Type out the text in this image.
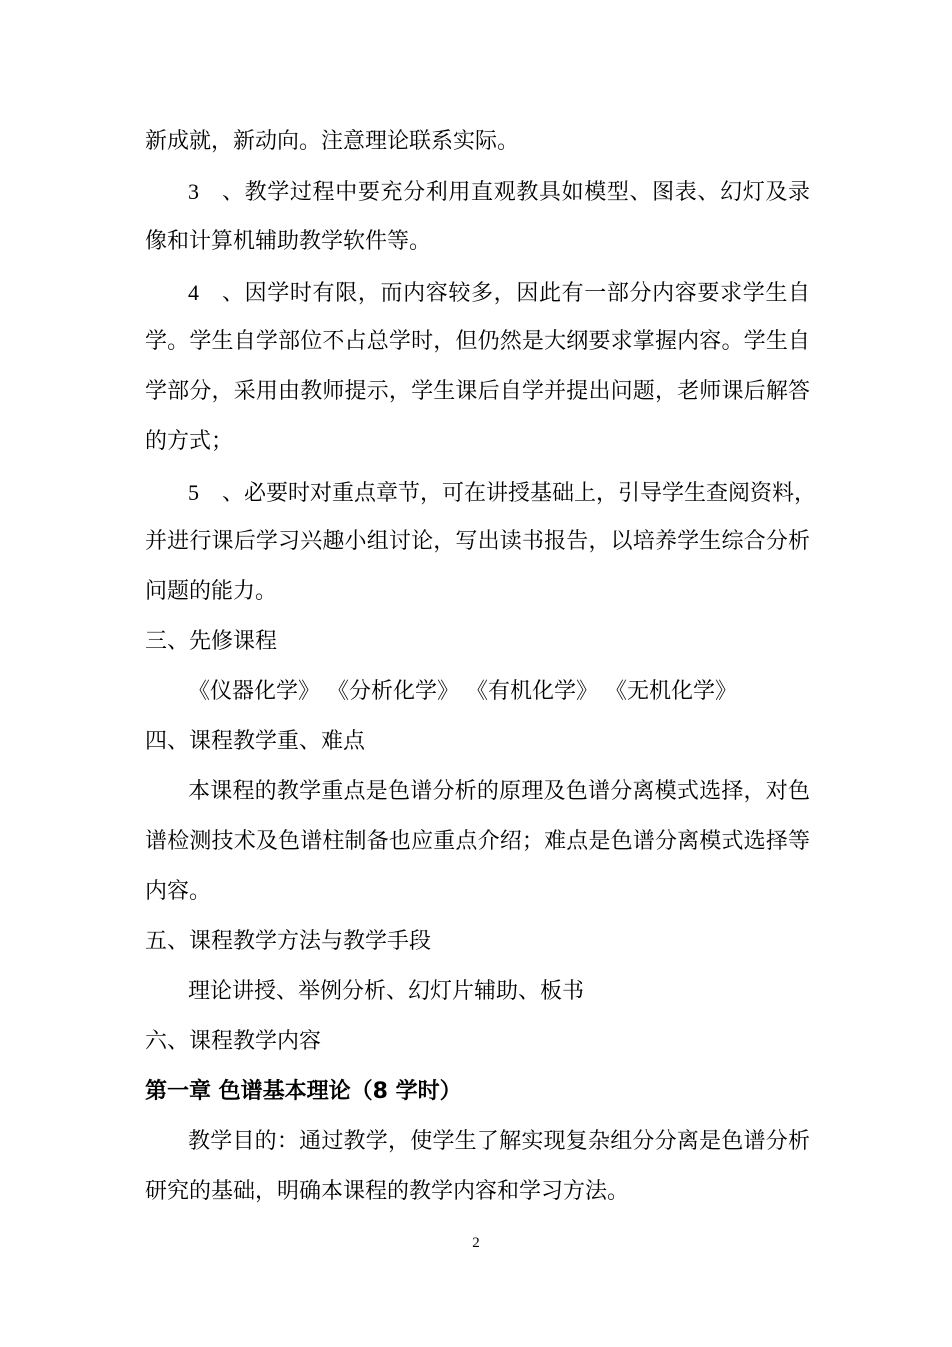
新成就，新动向。注意理论联系实际。
3、教学过程中要充分利用直观教具如模型、图表、幻灯及录
像和计算机辅助教学软件等。
4、因学时有限，而内容较多，因此有一部分内容要求学生自
学。学生自学部位不占总学时，但仍然是大纲要求掌握内容。学生自
学部分，采用由教师提示，学生课后自学并提出问题，老师课后解答
的方式；
5、必要时对重点章节，可在讲授基础上，引导学生查阅资料，
并进行课后学习兴趣小组讨论，写出读书报告，以培养学生综合分析
问题的能力。
三、先修课程
《仪器化学》 《分析化学》 《有机化学》 《无机化学》
四、课程教学重、难点
本课程的教学重点是色谱分析的原理及色谱分离模式选择，对色
谱检测技术及色谱柱制备也应重点介绍；难点是色谱分离模式选择等
内容。
五、课程教学方法与教学手段
理论讲授、举例分析、幻灯片辅助、板书
六、课程教学内容
第一章 色谱基本理论（8 学时）
教学目的：通过教学，使学生了解实现复杂组分分离是色谱分析
研究的基础，明确本课程的教学内容和学习方法。
2
